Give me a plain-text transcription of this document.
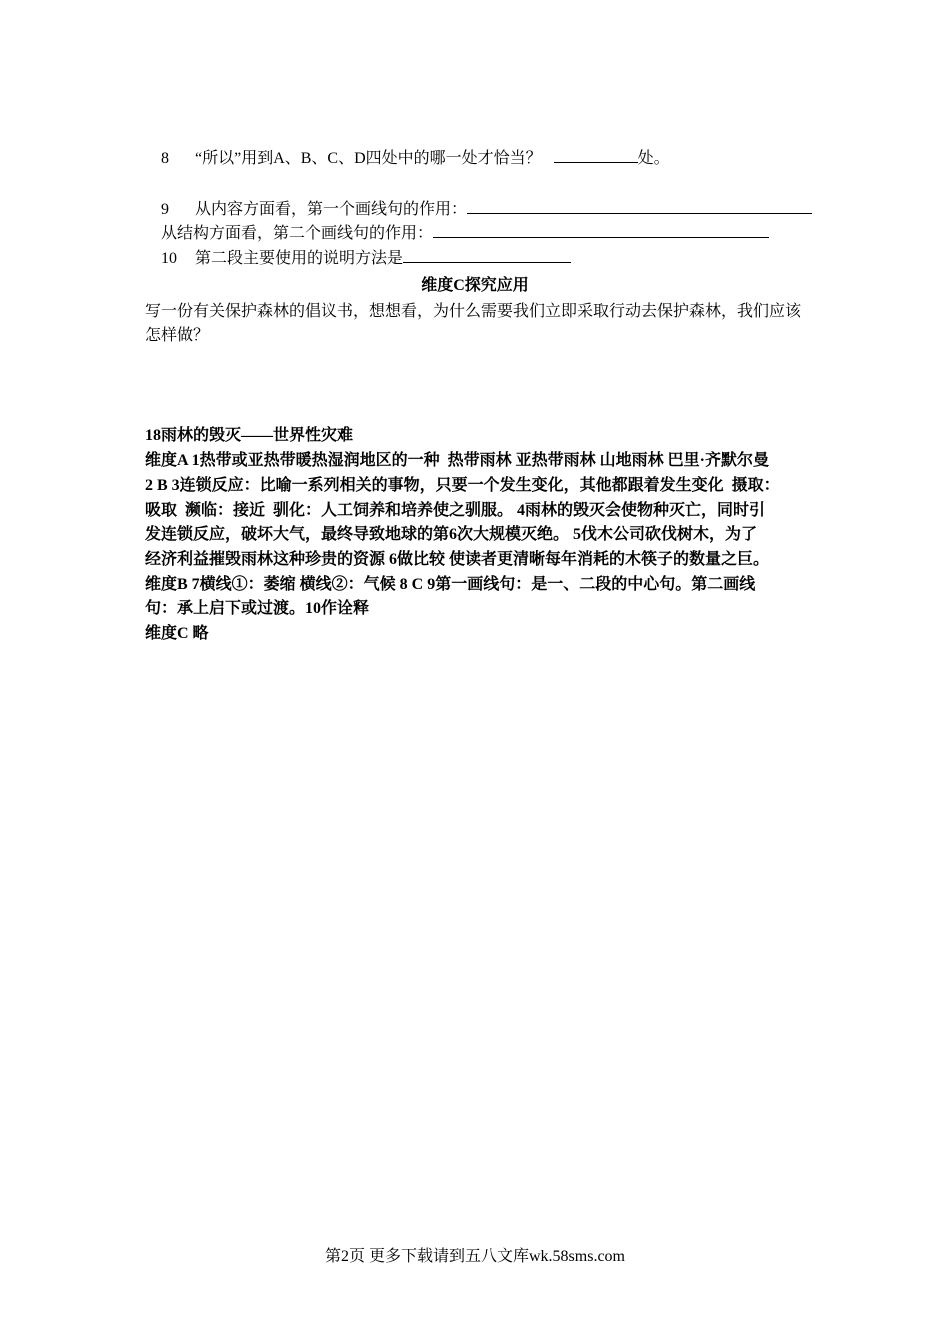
8 “所以”用到A、B、C、D四处中的哪一处才恰当？	处。

9 从内容方面看，第一个画线句的作用：

从结构方面看，第二个画线句的作用：

10 第二段主要使用的说明方法是

维度C探究应用
写一份有关保护森林的倡议书，想想看，为什么需要我们立即采取行动去保护森林，我们应该怎样做？
18雨林的毁灭——世界性灾难
维度A 1热带或亚热带暖热湿润地区的一种  热带雨林 亚热带雨林 山地雨林 巴里·齐默尔曼
2 B 3连锁反应：比喻一系列相关的事物，只要一个发生变化，其他都跟着发生变化  摄取：
吸取  濒临：接近  驯化：人工饲养和培养使之驯服。 4雨林的毁灭会使物种灭亡，同时引
发连锁反应，破坏大气，最终导致地球的第6次大规模灭绝。 5伐木公司砍伐树木，为了
经济利益摧毁雨林这种珍贵的资源 6做比较 使读者更清晰每年消耗的木筷子的数量之巨。
维度B 7横线①：萎缩 横线②：气候 8 C 9第一画线句：是一、二段的中心句。第二画线
句：承上启下或过渡。10作诠释
维度C 略
第2页 更多下载请到五八文库wk.58sms.com
